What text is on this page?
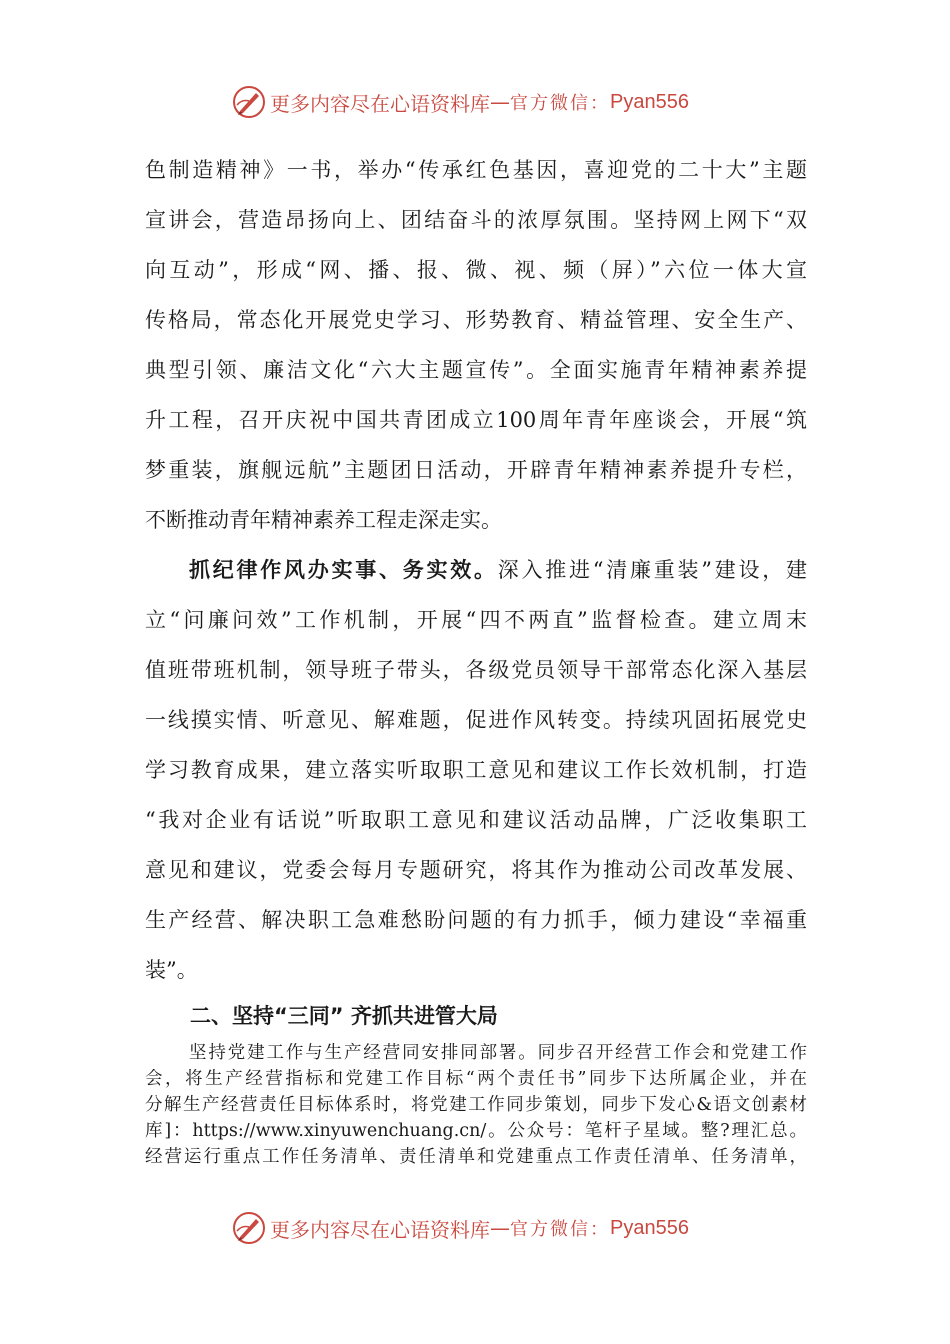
更多内容尽在心语资料库 — 官方微信： Pyan556
色制造精神》一书，举办“传承红色基因，喜迎党的二十大”主题
宣讲会，营造昂扬向上、团结奋斗的浓厚氛围。坚持网上网下“双
向互动”，形成“网、播、报、微、视、频（屏）”六位一体大宣
传格局，常态化开展党史学习、形势教育、精益管理、安全生产、
典型引领、廉洁文化“六大主题宣传”。全面实施青年精神素养提
升工程，召开庆祝中国共青团成立100周年青年座谈会，开展“筑
梦重装，旗舰远航”主题团日活动，开辟青年精神素养提升专栏，
不断推动青年精神素养工程走深走实。
抓纪律作风办实事、务实效。深入推进“清廉重装”建设，建
立“问廉问效”工作机制，开展“四不两直”监督检查。建立周末
值班带班机制，领导班子带头，各级党员领导干部常态化深入基层
一线摸实情、听意见、解难题，促进作风转变。持续巩固拓展党史
学习教育成果，建立落实听取职工意见和建议工作长效机制，打造
“我对企业有话说”听取职工意见和建议活动品牌，广泛收集职工
意见和建议，党委会每月专题研究，将其作为推动公司改革发展、
生产经营、解决职工急难愁盼问题的有力抓手，倾力建设“幸福重
装”。
二、坚持“三同” 齐抓共进管大局
坚持党建工作与生产经营同安排同部署。同步召开经营工作会和党建工作
会，将生产经营指标和党建工作目标“两个责任书”同步下达所属企业，并在
分解生产经营责任目标体系时，将党建工作同步策划，同步下发心&语文创素材
库]：https://www.xinyuwenchuang.cn/。公众号：笔杆子星域。整?理汇总。
经营运行重点工作任务清单、责任清单和党建重点工作责任清单、任务清单，
更多内容尽在心语资料库 — 官方微信： Pyan556
